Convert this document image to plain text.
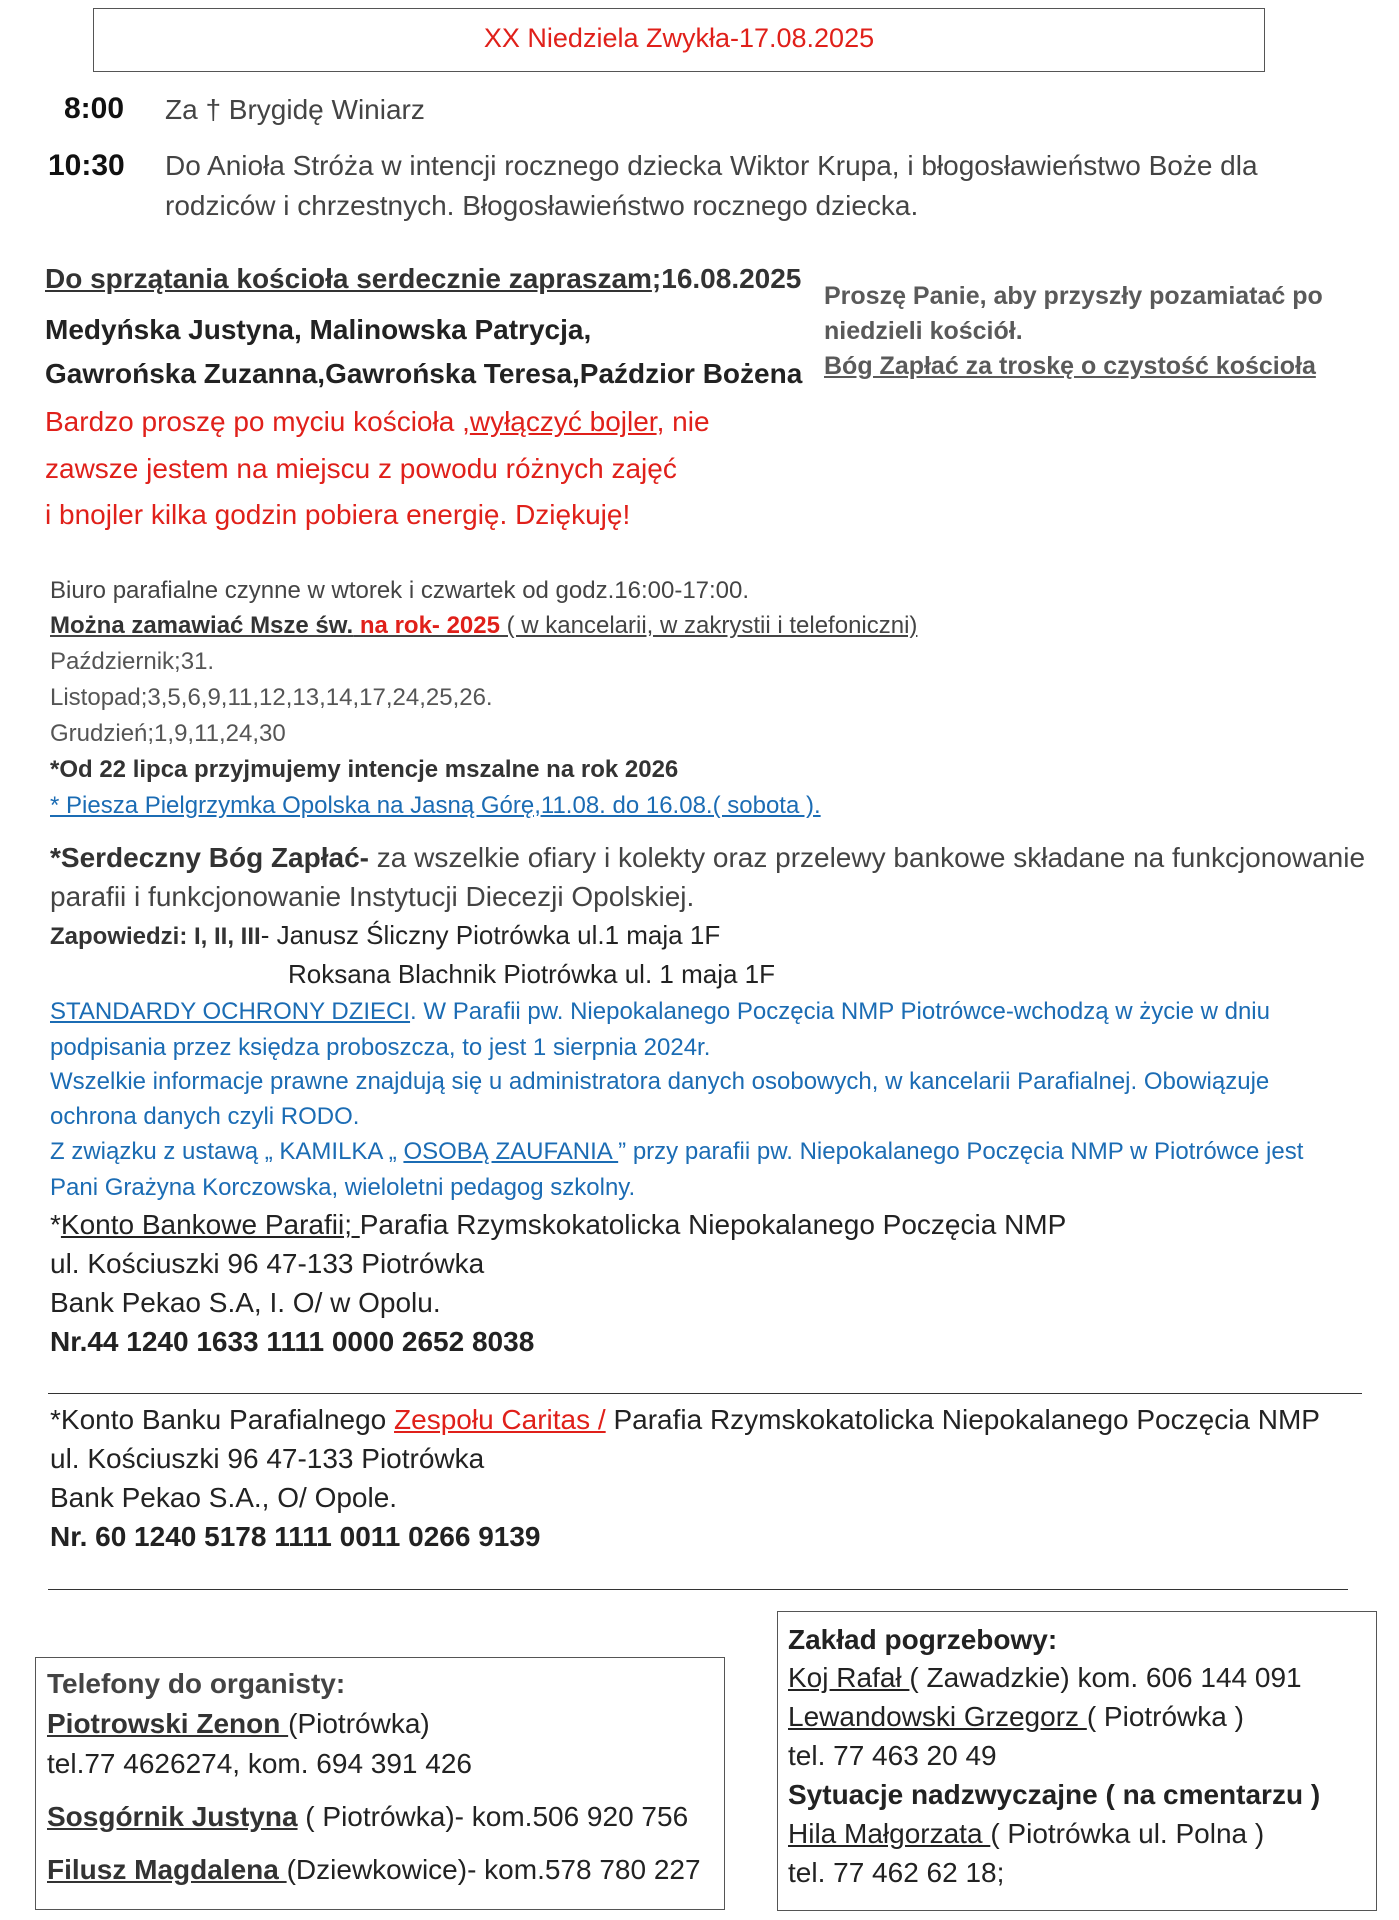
XX Niedziela Zwykła-17.08.2025
8:00 Za † Brygidę Winiarz
10:30 Do Anioła Stróża w intencji rocznego dziecka Wiktor Krupa, i błogosławieństwo Boże dla
rodziców i chrzestnych. Błogosławieństwo rocznego dziecka.
Do sprzątania kościoła serdecznie zapraszam;16.08.2025
Medyńska Justyna, Malinowska Patrycja,
Gawrońska Zuzanna,Gawrońska Teresa,Paździor Bożena
Bardzo proszę po myciu kościoła ,wyłączyć bojler, nie
zawsze jestem na miejscu z powodu różnych zajęć
i bnojler kilka godzin pobiera energię. Dziękuję!
Proszę Panie, aby przyszły pozamiatać po
niedzieli kościół.
Bóg Zapłać za troskę o czystość kościoła
Biuro parafialne czynne w wtorek i czwartek od godz.16:00-17:00.
Można zamawiać Msze św. na rok- 2025 ( w kancelarii, w zakrystii i telefoniczni)
Październik;31.
Listopad;3,5,6,9,11,12,13,14,17,24,25,26.
Grudzień;1,9,11,24,30
*Od 22 lipca przyjmujemy intencje mszalne na rok 2026
* Piesza Pielgrzymka Opolska na Jasną Górę,11.08. do 16.08.( sobota ).
*Serdeczny Bóg Zapłać- za wszelkie ofiary i kolekty oraz przelewy bankowe składane na funkcjonowanie
parafii i funkcjonowanie Instytucji Diecezji Opolskiej.
Zapowiedzi: I, II, III- Janusz Śliczny Piotrówka ul.1 maja 1F
Roksana Blachnik Piotrówka ul. 1 maja 1F
STANDARDY OCHRONY DZIECI. W Parafii pw. Niepokalanego Poczęcia NMP Piotrówce-wchodzą w życie w dniu
podpisania przez księdza proboszcza, to jest 1 sierpnia 2024r.
Wszelkie informacje prawne znajdują się u administratora danych osobowych, w kancelarii Parafialnej. Obowiązuje
ochrona danych czyli RODO.
Z związku z ustawą „ KAMILKA „ OSOBĄ ZAUFANIA ” przy parafii pw. Niepokalanego Poczęcia NMP w Piotrówce jest
Pani Grażyna Korczowska, wieloletni pedagog szkolny.
*Konto Bankowe Parafii; Parafia Rzymskokatolicka Niepokalanego Poczęcia NMP
ul. Kościuszki 96 47-133 Piotrówka
Bank Pekao S.A, I. O/ w Opolu.
Nr.44 1240 1633 1111 0000 2652 8038
*Konto Banku Parafialnego Zespołu Caritas / Parafia Rzymskokatolicka Niepokalanego Poczęcia NMP
ul. Kościuszki 96 47-133 Piotrówka
Bank Pekao S.A., O/ Opole.
Nr. 60 1240 5178 1111 0011 0266 9139
Telefony do organisty:
Piotrowski Zenon (Piotrówka)
tel.77 4626274, kom. 694 391 426
Sosgórnik Justyna ( Piotrówka)- kom.506 920 756
Filusz Magdalena (Dziewkowice)- kom.578 780 227
Zakład pogrzebowy:
Koj Rafał ( Zawadzkie) kom. 606 144 091
Lewandowski Grzegorz ( Piotrówka )
tel. 77 463 20 49
Sytuacje nadzwyczajne ( na cmentarzu )
Hila Małgorzata ( Piotrówka ul. Polna )
tel. 77 462 62 18;
